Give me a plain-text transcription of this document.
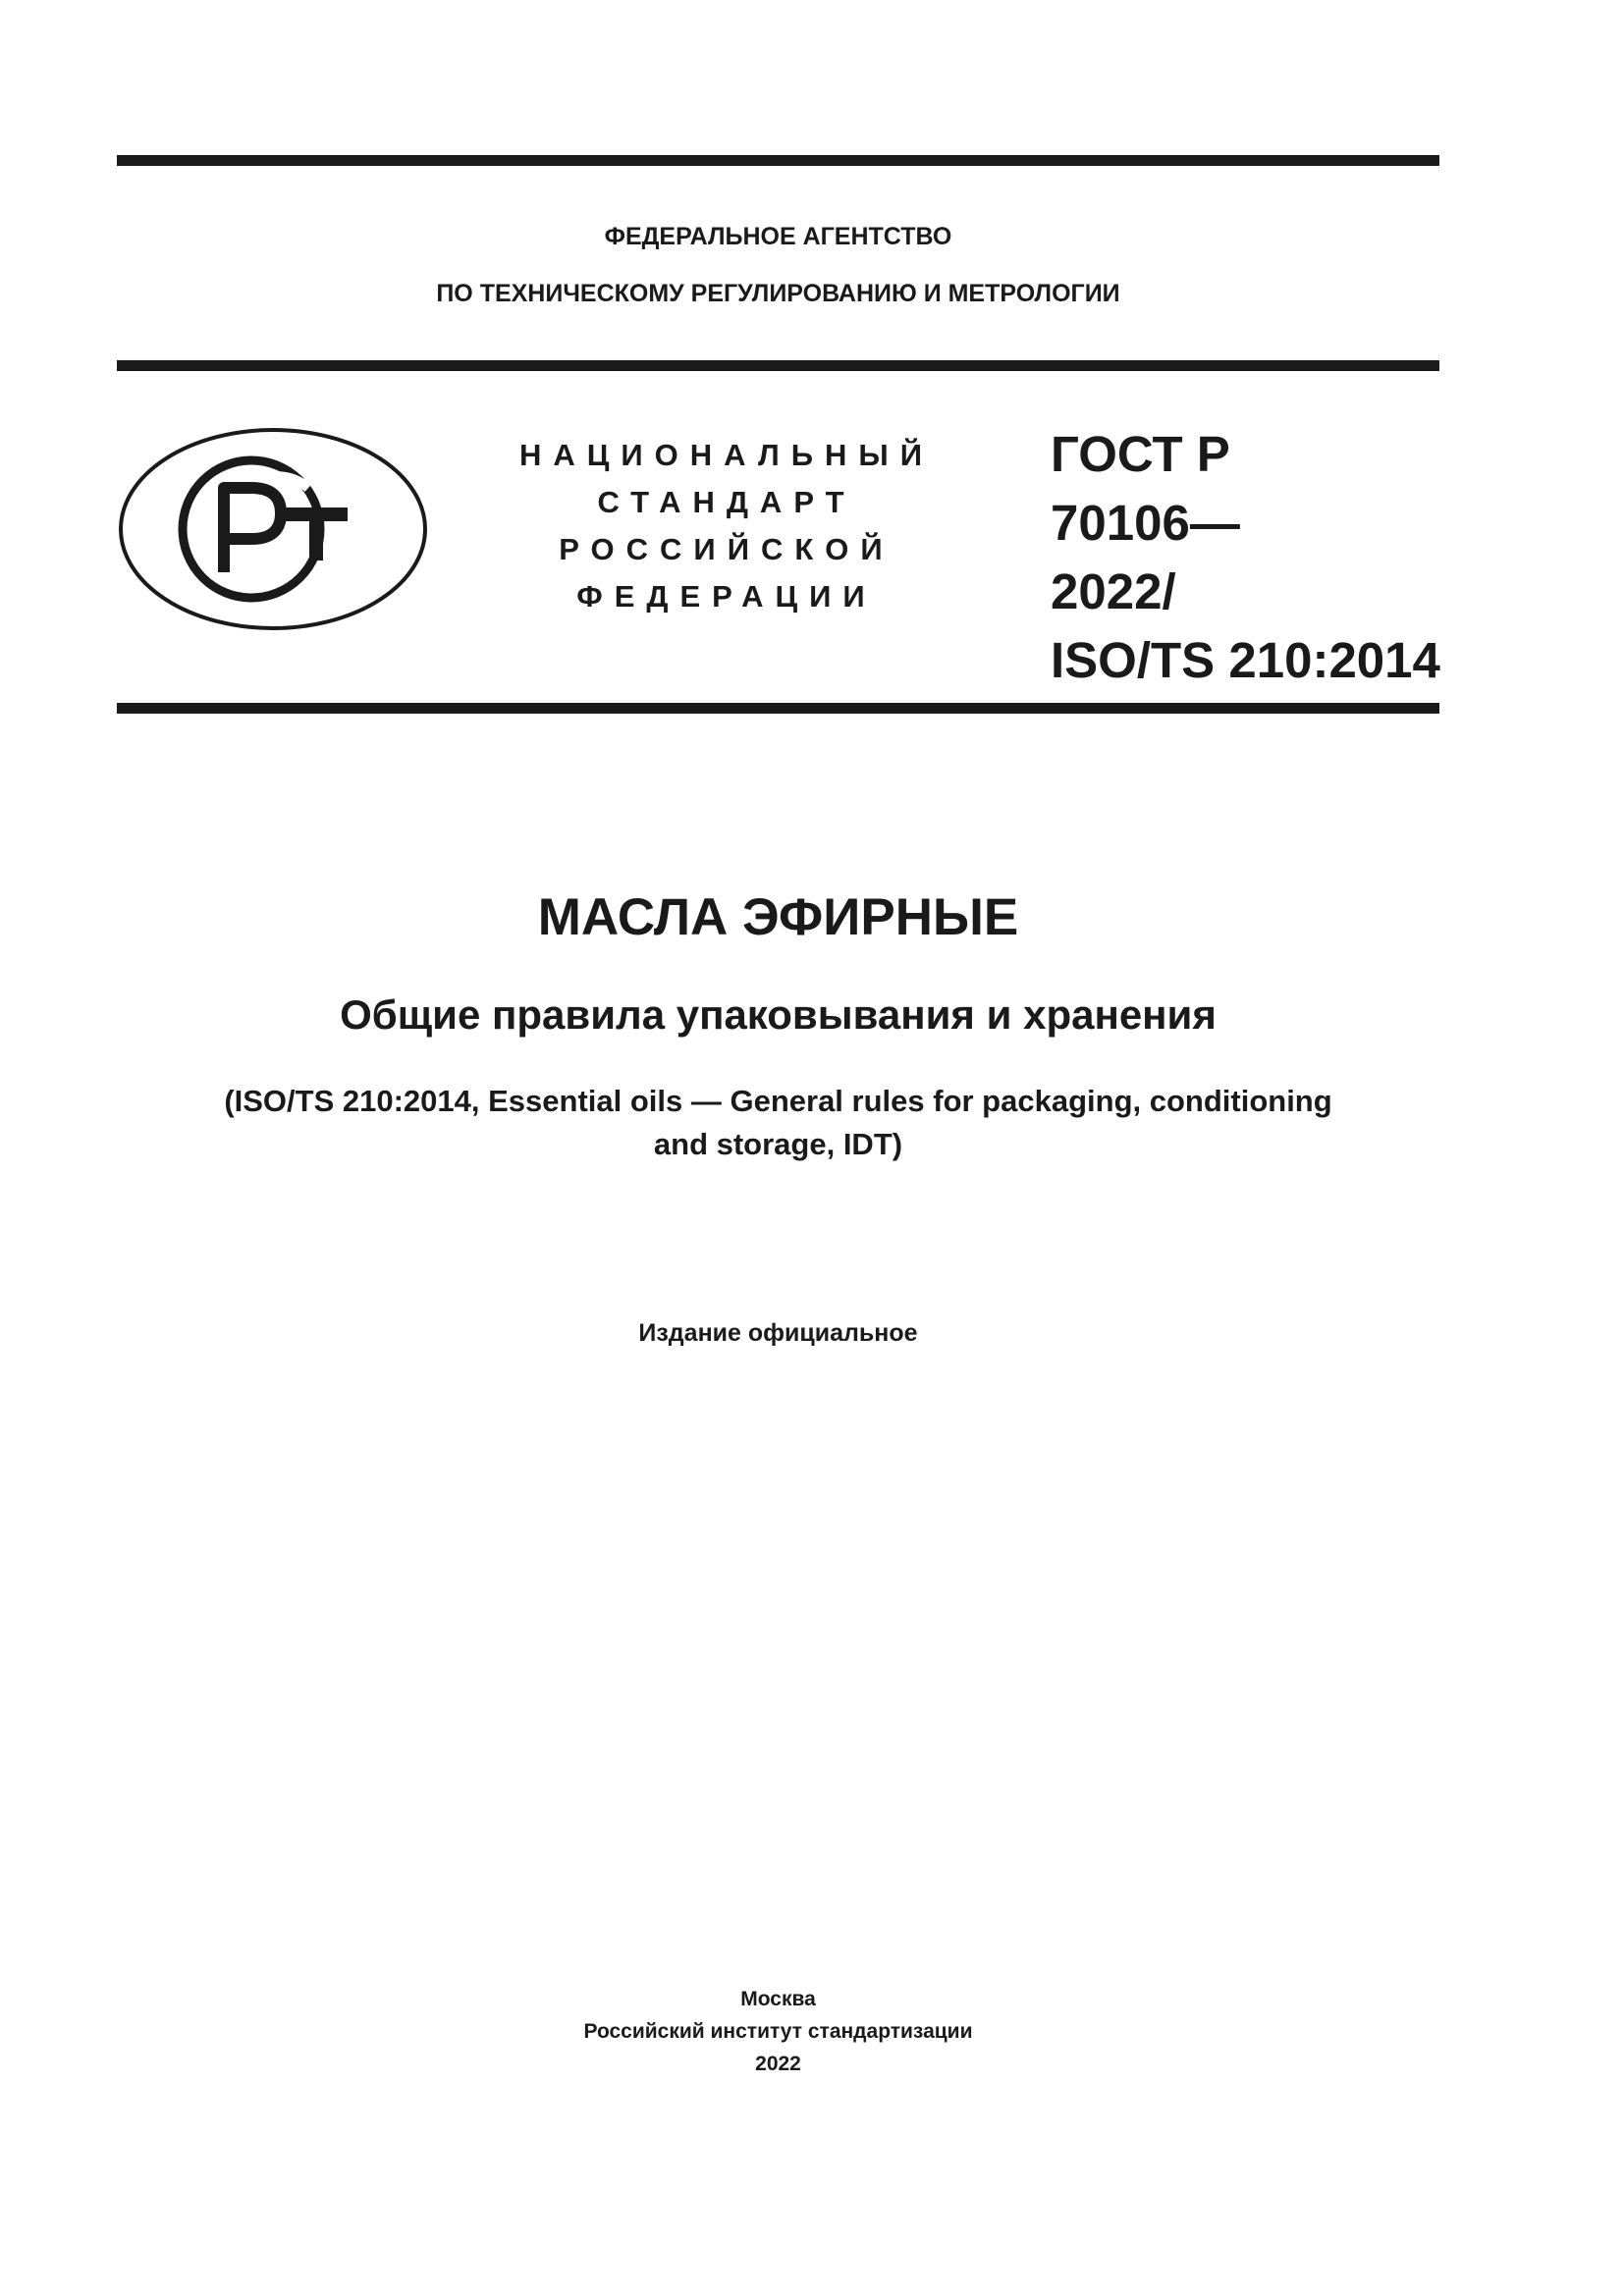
ФЕДЕРАЛЬНОЕ АГЕНТСТВО
ПО ТЕХНИЧЕСКОМУ РЕГУЛИРОВАНИЮ И МЕТРОЛОГИИ
НАЦИОНАЛЬНЫЙ
СТАНДАРТ
РОССИЙСКОЙ
ФЕДЕРАЦИИ
ГОСТ Р
70106—
2022/
ISO/TS 210:2014
МАСЛА ЭФИРНЫЕ
Общие правила упаковывания и хранения
(ISO/TS 210:2014, Essential oils — General rules for packaging, conditioning
and storage, IDT)
Издание официальное
Москва
Российский институт стандартизации
2022
